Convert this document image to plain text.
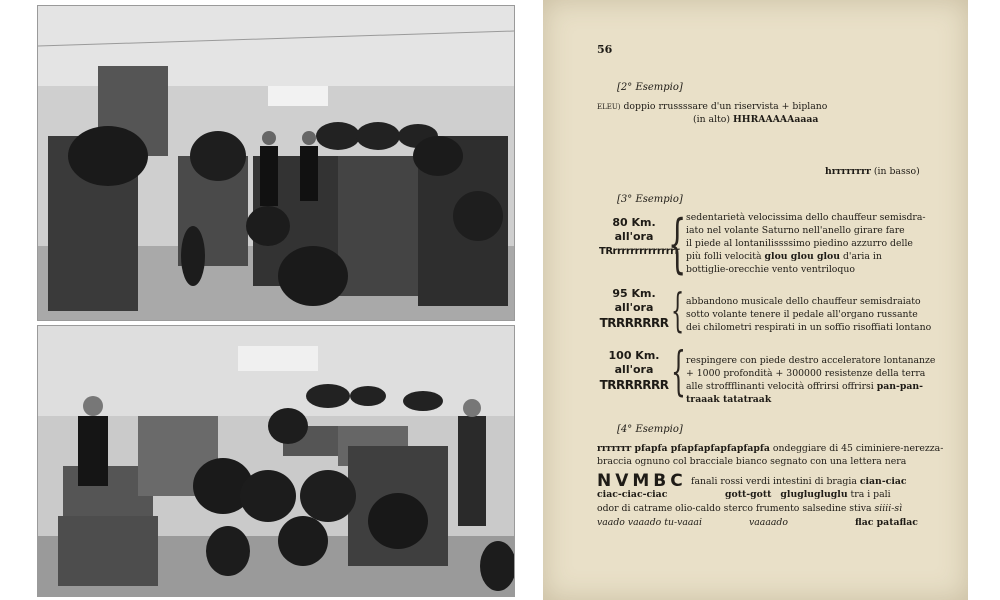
56
[2° Esempio]
ELEU) doppio rrussssare d'un riservista + biplano
(in alto) HHRAAAAAaaaa
hrrrrrrrr (in basso)
[3° Esempio]
80 Km.
all'ora
TRrrrrrrrrrrrrrrr
{ sedentarietà velocissima dello chauffeur semisdra-
iato nel volante Saturno nell'anello girare fare
il piede al lontanilissssimo piedino azzurro delle
più folli velocità glou glou glou d'aria in
bottiglie-orecchie vento ventriloquo
95 Km.
all'ora
TRRRRRRR { abbandono musicale dello chauffeur semisdraiato
sotto volante tenere il pedale all'organo russante
dei chilometri respirati in un soffio risoffiati lontano
100 Km.
all'ora
TRRRRRRR { respingere con piede destro acceleratore lontananze
+ 1000 profondità + 300000 resistenze della terra
alle stroffflinanti velocità offrirsi offrirsi pan-pan-
traaak tatatraak
[4° Esempio]
rrrrrrr pfapfa pfapfapfapfapfapfa ondeggiare di 45 ciminiere-nerezza-
braccia ognuno col bracciale bianco segnato con una lettera nera
NVMBC fanali rossi verdi intestini di bragia cian-ciac
ciac-ciac-ciac	gott-gott gluglugluglu tra i pali
odor di catrame olio-caldo sterco frumento salsedine stiva siiii-sì
vaado vaaado tu-vaaai	vaaaado	flac pataflac
